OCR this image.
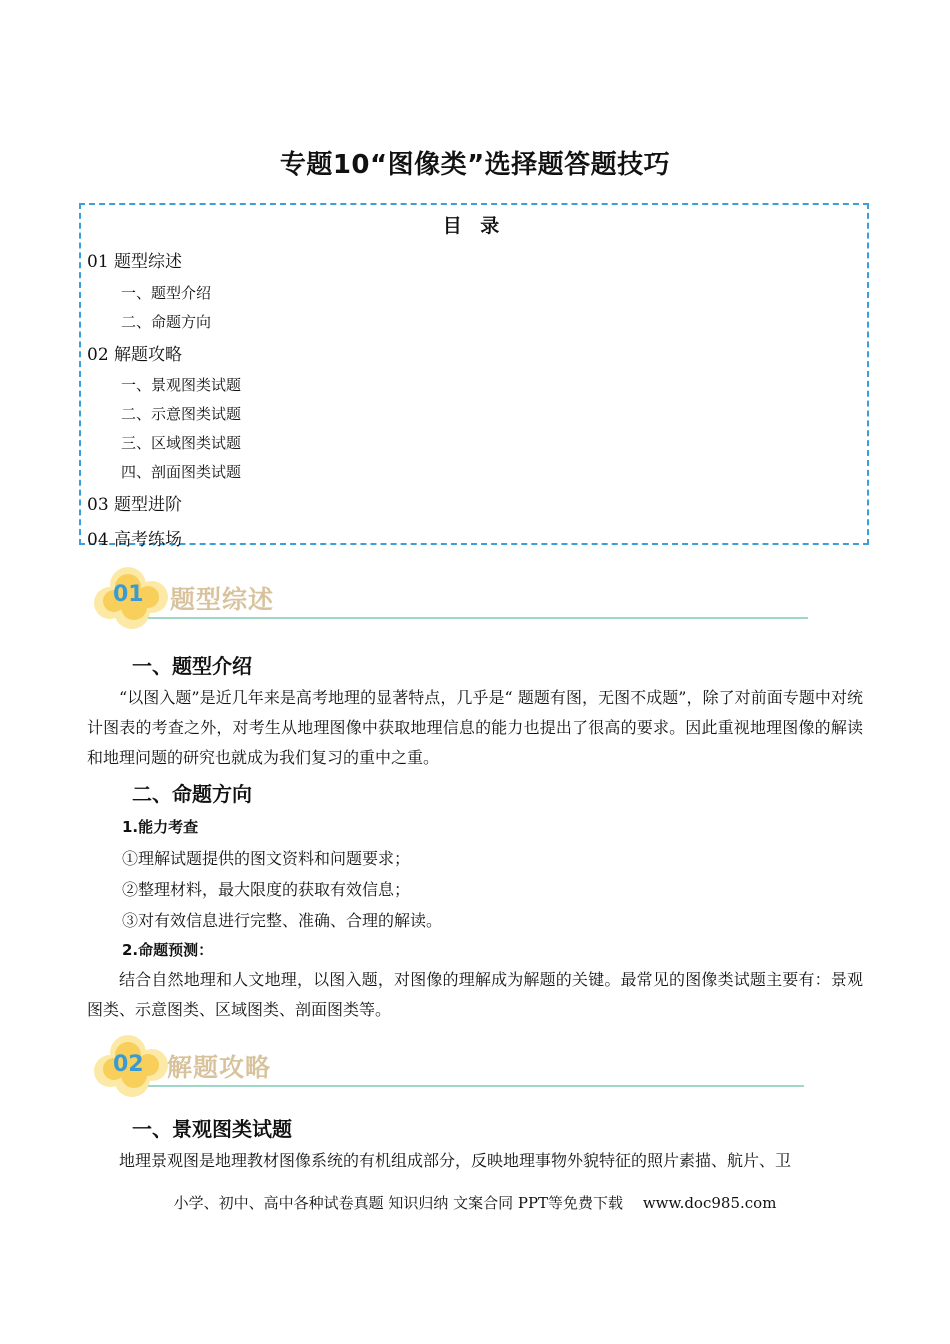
专题10“图像类”选择题答题技巧
目 录
01 题型综述
一、题型介绍
二、命题方向
02 解题攻略
一、景观图类试题
二、示意图类试题
三、区域图类试题
四、剖面图类试题
03 题型进阶
04 高考练场
01 题型综述
一、题型介绍
“以图入题”是近几年来是高考地理的显著特点，几乎是“ 题题有图，无图不成题”，除了对前面专题中对统计图表的考查之外，对考生从地理图像中获取地理信息的能力也提出了很高的要求。因此重视地理图像的解读和地理问题的研究也就成为我们复习的重中之重。
二、命题方向
1.能力考查
①理解试题提供的图文资料和问题要求；
②整理材料，最大限度的获取有效信息；
③对有效信息进行完整、准确、合理的解读。
2.命题预测：
结合自然地理和人文地理，以图入题，对图像的理解成为解题的关键。最常见的图像类试题主要有：景观图类、示意图类、区域图类、剖面图类等。
02 解题攻略
一、景观图类试题
地理景观图是地理教材图像系统的有机组成部分，反映地理事物外貌特征的照片素描、航片、卫
小学、初中、高中各种试卷真题 知识归纳 文案合同 PPT等免费下载　 www.doc985.com
